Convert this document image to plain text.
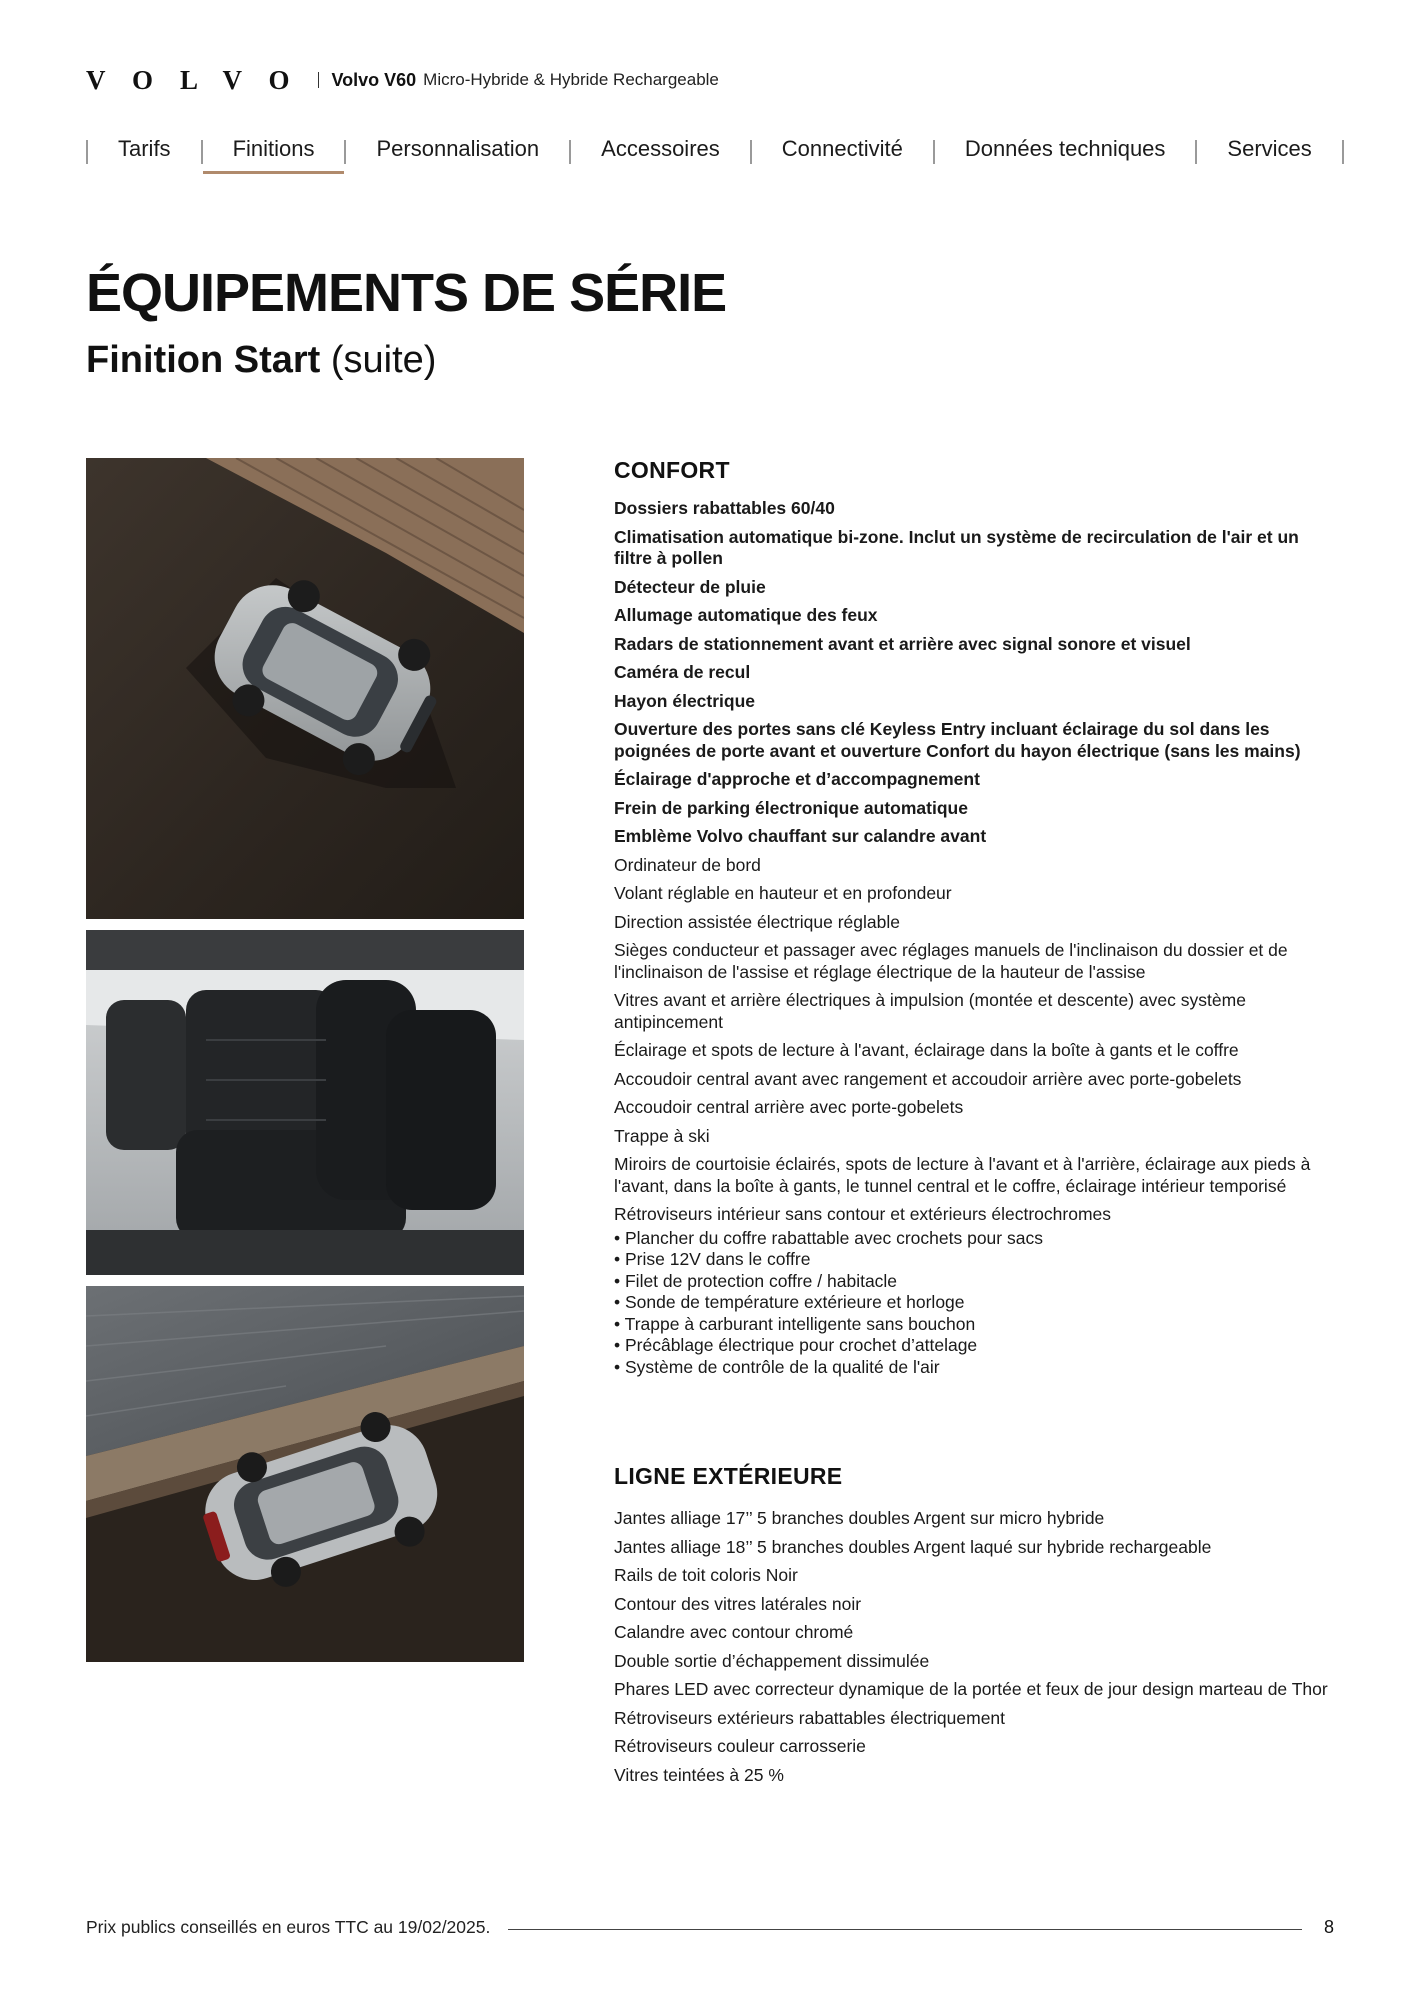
VOLVO Volvo V60 Micro-Hybride & Hybride Rechargeable
Tarifs	Finitions	Personnalisation	Accessoires	Connectivité	Données techniques	Services
ÉQUIPEMENTS DE SÉRIE
Finition Start (suite)
CONFORT

Dossiers rabattables 60/40

Climatisation automatique bi-zone. Inclut un système de recirculation de l'air et un filtre à pollen

Détecteur de pluie

Allumage automatique des feux

Radars de stationnement avant et arrière avec signal sonore et visuel

Caméra de recul

Hayon électrique

Ouverture des portes sans clé Keyless Entry incluant éclairage du sol dans les poignées de porte avant et ouverture Confort du hayon électrique (sans les mains)

Éclairage d'approche et d’accompagnement

Frein de parking électronique automatique

Emblème Volvo chauffant sur calandre avant

Ordinateur de bord

Volant réglable en hauteur et en profondeur

Direction assistée électrique réglable

Sièges conducteur et passager avec réglages manuels de l'inclinaison du dossier et de l'inclinaison de l'assise et réglage électrique de la hauteur de l'assise

Vitres avant et arrière électriques à impulsion (montée et descente) avec système antipincement

Éclairage et spots de lecture à l'avant, éclairage dans la boîte à gants et le coffre

Accoudoir central avant avec rangement et accoudoir arrière avec porte-gobelets

Accoudoir central arrière avec porte-gobelets

Trappe à ski

Miroirs de courtoisie éclairés, spots de lecture à l'avant et à l'arrière, éclairage aux pieds à l'avant, dans la boîte à gants, le tunnel central et le coffre, éclairage intérieur temporisé

Rétroviseurs intérieur sans contour et extérieurs électrochromes

• Plancher du coffre rabattable avec crochets pour sacs

• Prise 12V dans le coffre

• Filet de protection coffre / habitacle

• Sonde de température extérieure et horloge

• Trappe à carburant intelligente sans bouchon

• Précâblage électrique pour crochet d’attelage

• Système de contrôle de la qualité de l'air

LIGNE EXTÉRIEURE

Jantes alliage 17’’ 5 branches doubles Argent sur micro hybride

Jantes alliage 18’’ 5 branches doubles Argent laqué sur hybride rechargeable

Rails de toit coloris Noir

Contour des vitres latérales noir

Calandre avec contour chromé

Double sortie d’échappement dissimulée

Phares LED avec correcteur dynamique de la portée et feux de jour design marteau de Thor

Rétroviseurs extérieurs rabattables électriquement

Rétroviseurs couleur carrosserie

Vitres teintées à 25 %

Prix publics conseillés en euros TTC au 19/02/2025.	8
